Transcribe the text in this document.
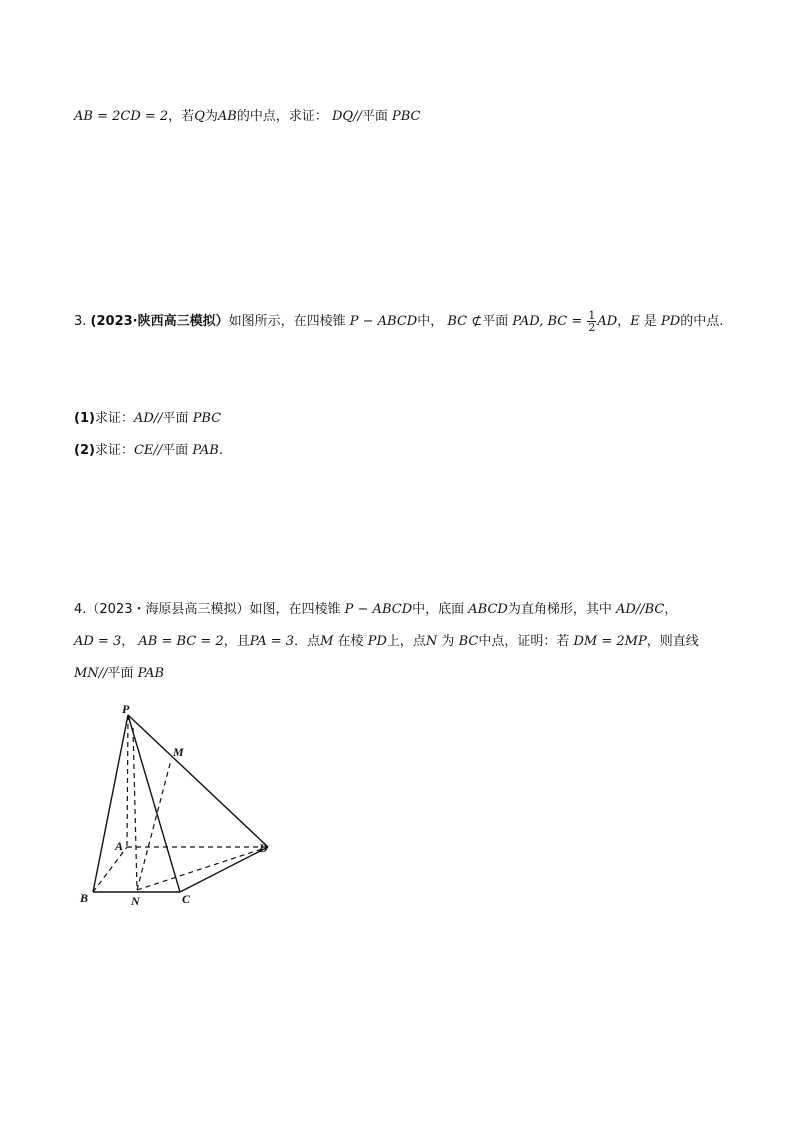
AB = 2CD = 2，若Q为AB的中点，求证： DQ//平面 PBC
3. (2023·陕西高三模拟）如图所示，在四棱锥 P − ABCD中， BC ⊄平面 PAD, BC = $\frac{1}{2}$ AD，E 是 PD的中点.
(1)求证：AD//平面 PBC
(2)求证：CE//平面 PAB.
4.（2023・海原县高三模拟）如图，在四棱锥 P − ABCD中，底面 ABCD为直角梯形，其中 AD//BC，
AD = 3， AB = BC = 2，且PA = 3．点M 在棱 PD上，点N 为 BC中点，证明：若 DM = 2MP，则直线
MN//平面 PAB
P
M
A	D
B	N	C
